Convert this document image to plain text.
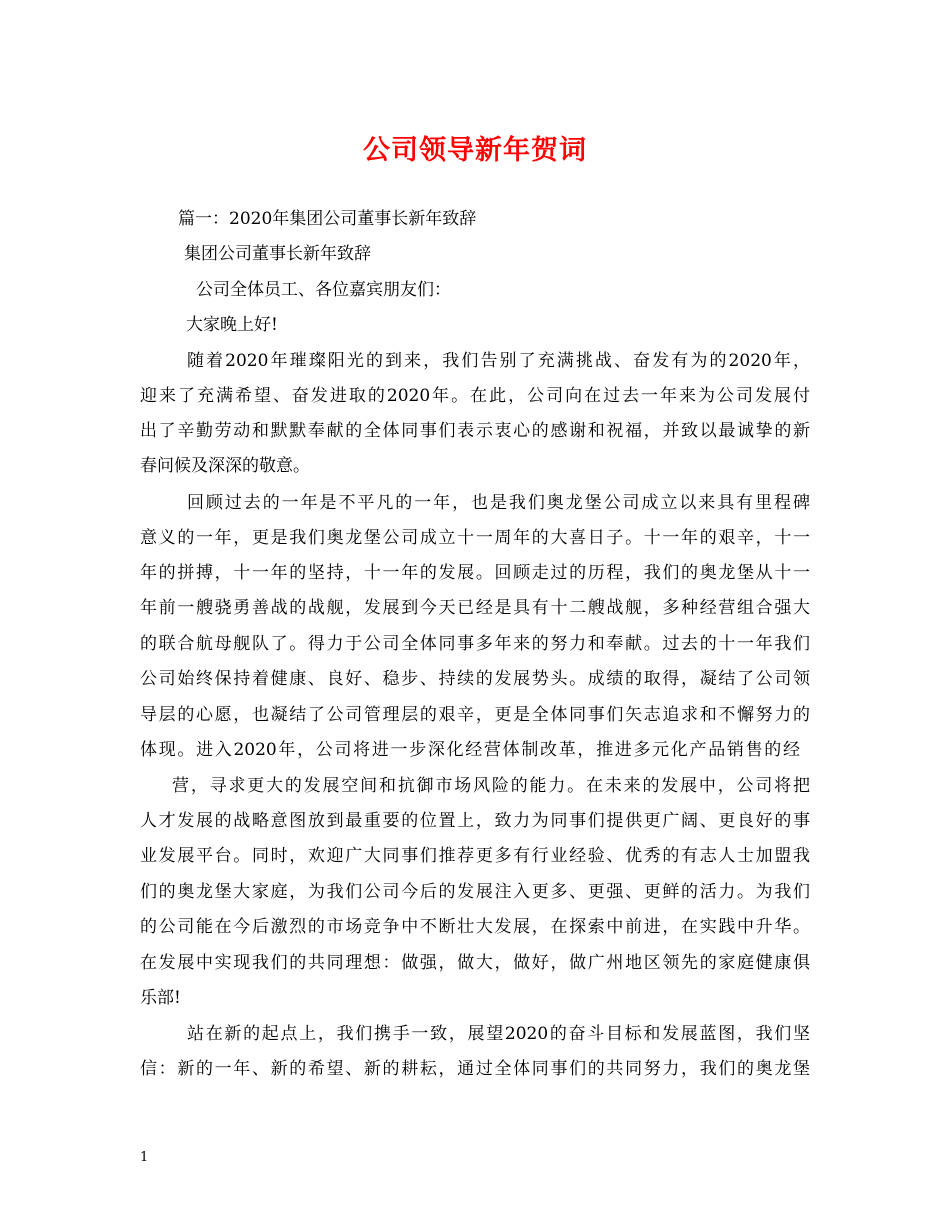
公司领导新年贺词
篇一：2020年集团公司董事长新年致辞
集团公司董事长新年致辞
公司全体员工、各位嘉宾朋友们：
大家晚上好!
随着2020年璀璨阳光的到来，我们告别了充满挑战、奋发有为的2020年，
迎来了充满希望、奋发进取的2020年。在此，公司向在过去一年来为公司发展付
出了辛勤劳动和默默奉献的全体同事们表示衷心的感谢和祝福，并致以最诚挚的新
春问候及深深的敬意。
回顾过去的一年是不平凡的一年，也是我们奥龙堡公司成立以来具有里程碑
意义的一年，更是我们奥龙堡公司成立十一周年的大喜日子。十一年的艰辛，十一
年的拼搏，十一年的坚持，十一年的发展。回顾走过的历程，我们的奥龙堡从十一
年前一艘骁勇善战的战舰，发展到今天已经是具有十二艘战舰，多种经营组合强大
的联合航母舰队了。得力于公司全体同事多年来的努力和奉献。过去的十一年我们
公司始终保持着健康、良好、稳步、持续的发展势头。成绩的取得，凝结了公司领
导层的心愿，也凝结了公司管理层的艰辛，更是全体同事们矢志追求和不懈努力的
体现。进入2020年，公司将进一步深化经营体制改革，推进多元化产品销售的经
营，寻求更大的发展空间和抗御市场风险的能力。在未来的发展中，公司将把
人才发展的战略意图放到最重要的位置上，致力为同事们提供更广阔、更良好的事
业发展平台。同时，欢迎广大同事们推荐更多有行业经验、优秀的有志人士加盟我
们的奥龙堡大家庭，为我们公司今后的发展注入更多、更强、更鲜的活力。为我们
的公司能在今后激烈的市场竞争中不断壮大发展，在探索中前进，在实践中升华。
在发展中实现我们的共同理想：做强，做大，做好，做广州地区领先的家庭健康俱
乐部!
站在新的起点上，我们携手一致，展望2020的奋斗目标和发展蓝图，我们坚
信：新的一年、新的希望、新的耕耘，通过全体同事们的共同努力，我们的奥龙堡
1
